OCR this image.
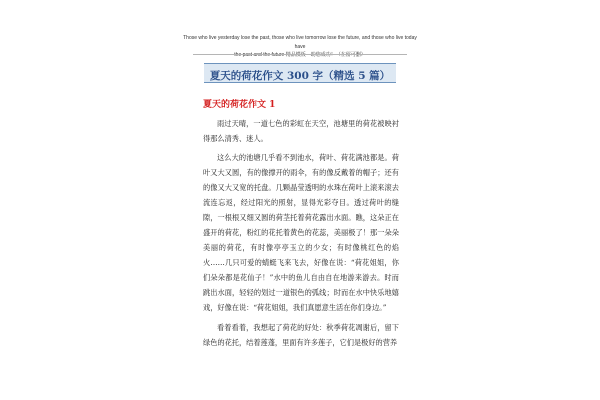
Those who live yesterday lose the past, those who live tomorrow lose the future, and those who live today have
the past and the future 精品模板　助您成功！（在留可删）
夏天的荷花作文 300 字（精选 5 篇）
夏天的荷花作文 1

雨过天晴，一道七色的彩虹在天空，池塘里的荷花被映衬得那么清秀、迷人。

这么大的池塘几乎看不到池水，荷叶、荷花满池都是。荷叶又大又圆，有的像撑开的雨伞，有的像反戴着的帽子；还有的像又大又宽的托盘。几颗晶莹透明的水珠在荷叶上滚来滚去流连忘返，经过阳光的照射，显得光彩夺目。透过荷叶的缝隙，一根根又细又圆的荷茎托着荷花露出水面。瞧，这朵正在盛开的荷花，粉红的花托着黄色的花蕊，美丽极了！那一朵朵美丽的荷花，有时像亭亭玉立的少女；有时像桃红色的焰火……几只可爱的蜻蜓飞来飞去，好像在说：“荷花姐姐，你们朵朵都是花仙子！”水中的鱼儿自由自在地游来游去。时而跳出水面，轻轻的划过一道银色的弧线；时而在水中快乐地嬉戏，好像在说：“荷花姐姐，我们真愿意生活在你们身边。”

看着看着，我想起了荷花的好处：秋季荷花凋谢后，留下绿色的花托，结着莲蓬，里面有许多莲子，它们是极好的营养
